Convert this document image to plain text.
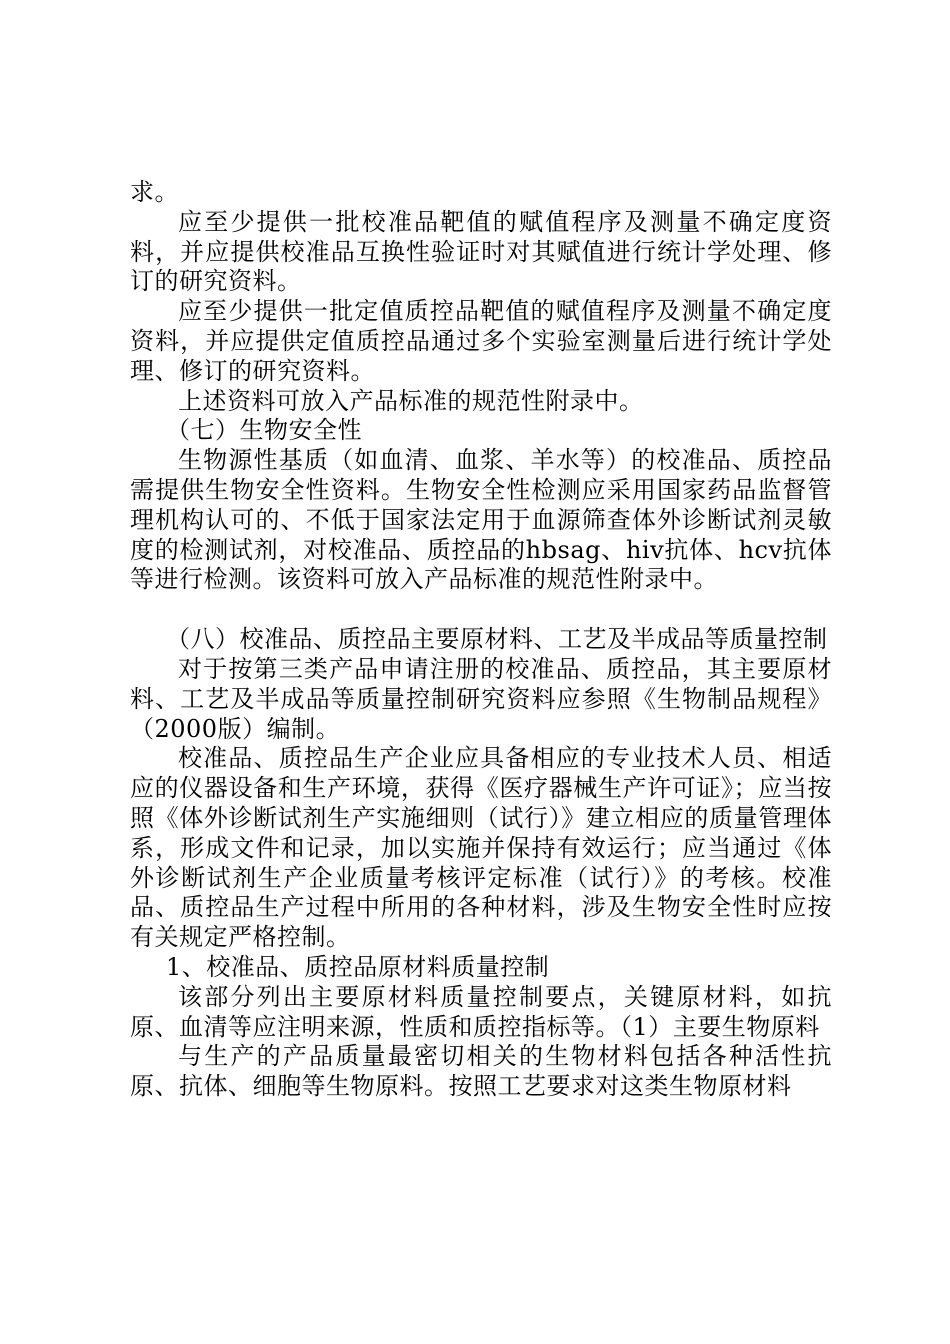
求。

应至少提供一批校准品靶值的赋值程序及测量不确定度资料，并应提供校准品互换性验证时对其赋值进行统计学处理、修订的研究资料。

应至少提供一批定值质控品靶值的赋值程序及测量不确定度资料，并应提供定值质控品通过多个实验室测量后进行统计学处理、修订的研究资料。

上述资料可放入产品标准的规范性附录中。

（七）生物安全性

生物源性基质（如血清、血浆、羊水等）的校准品、质控品需提供生物安全性资料。生物安全性检测应采用国家药品监督管理机构认可的、不低于国家法定用于血源筛查体外诊断试剂灵敏度的检测试剂，对校准品、质控品的hbsag、hiv抗体、hcv抗体等进行检测。该资料可放入产品标准的规范性附录中。

（八）校准品、质控品主要原材料、工艺及半成品等质量控制

对于按第三类产品申请注册的校准品、质控品，其主要原材料、工艺及半成品等质量控制研究资料应参照《生物制品规程》（2000版）编制。

校准品、质控品生产企业应具备相应的专业技术人员、相适应的仪器设备和生产环境，获得《医疗器械生产许可证》；应当按照《体外诊断试剂生产实施细则（试行）》建立相应的质量管理体系，形成文件和记录，加以实施并保持有效运行；应当通过《体外诊断试剂生产企业质量考核评定标准（试行）》的考核。校准品、质控品生产过程中所用的各种材料，涉及生物安全性时应按有关规定严格控制。

1、校准品、质控品原材料质量控制

该部分列出主要原材料质量控制要点，关键原材料，如抗原、血清等应注明来源，性质和质控指标等。（1）主要生物原料

与生产的产品质量最密切相关的生物材料包括各种活性抗原、抗体、细胞等生物原料。按照工艺要求对这类生物原材料
